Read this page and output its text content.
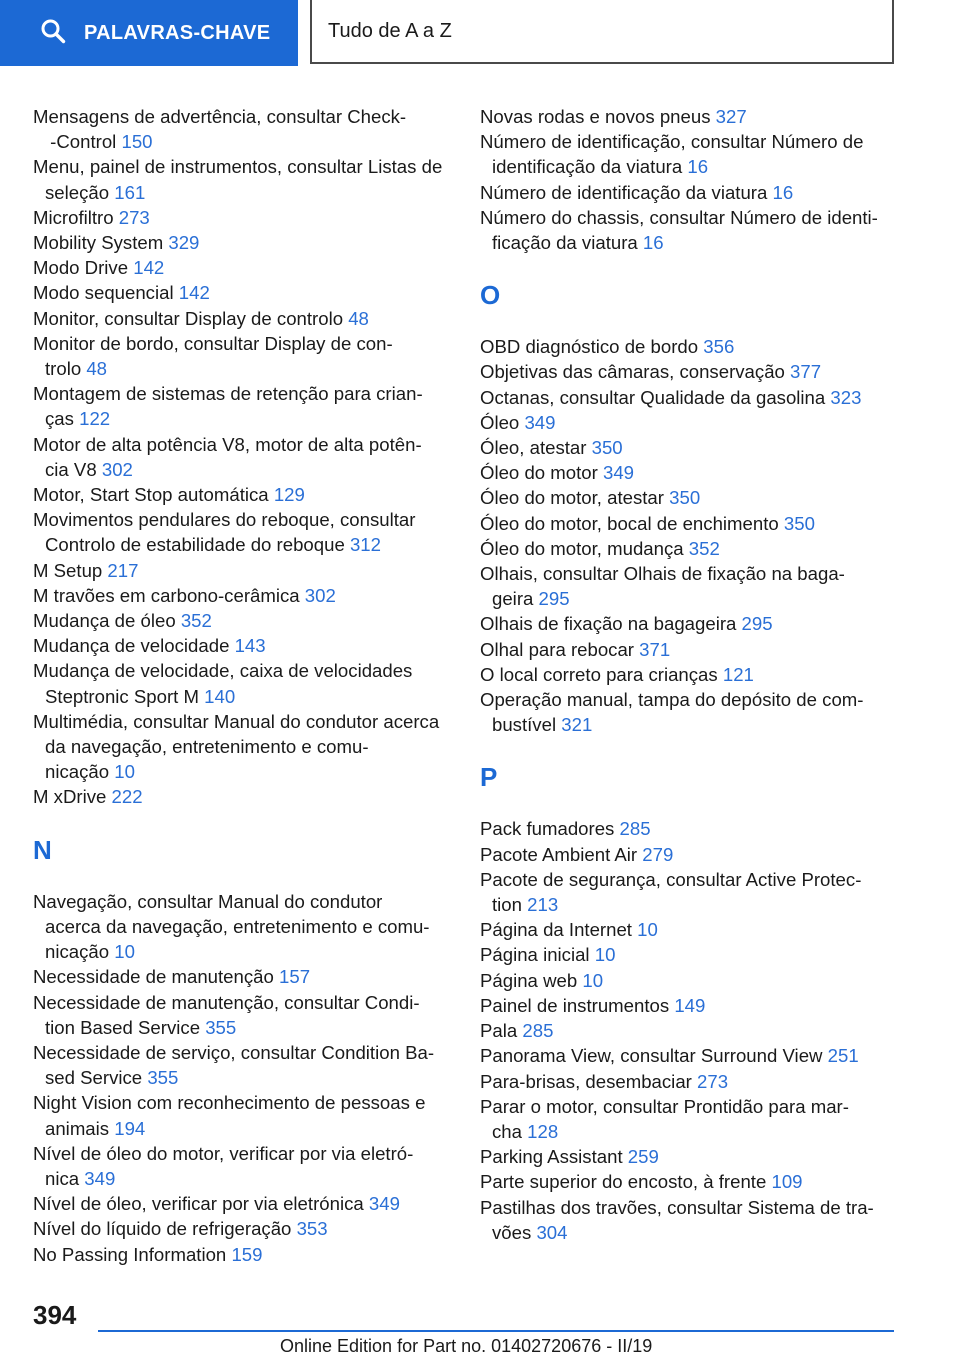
PALAVRAS-CHAVE	Tudo de A a Z
Mensagens de advertência, consultar Check- ‑Control 150
Menu, painel de instrumentos, consultar Listas de seleção 161
Microfiltro 273
Mobility System 329
Modo Drive 142
Modo sequencial 142
Monitor, consultar Display de controlo 48
Monitor de bordo, consultar Display de con‑ trolo 48
Montagem de sistemas de retenção para crian‑ ças 122
Motor de alta potência V8, motor de alta potên‑ cia V8 302
Motor, Start Stop automática 129
Movimentos pendulares do reboque, consultar Controlo de estabilidade do reboque 312
M Setup 217
M travões em carbono-cerâmica 302
Mudança de óleo 352
Mudança de velocidade 143
Mudança de velocidade, caixa de velocidades Steptronic Sport M 140
Multimédia, consultar Manual do condutor acerca da navegação, entretenimento e comu‑ nicação 10
M xDrive 222
N
Navegação, consultar Manual do condutor acerca da navegação, entretenimento e comu‑ nicação 10
Necessidade de manutenção 157
Necessidade de manutenção, consultar Condi‑ tion Based Service 355
Necessidade de serviço, consultar Condition Ba‑ sed Service 355
Night Vision com reconhecimento de pessoas e animais 194
Nível de óleo do motor, verificar por via eletró‑ nica 349
Nível de óleo, verificar por via eletrónica 349
Nível do líquido de refrigeração 353
No Passing Information 159
Novas rodas e novos pneus 327
Número de identificação, consultar Número de identificação da viatura 16
Número de identificação da viatura 16
Número do chassis, consultar Número de identi‑ ficação da viatura 16
O
OBD diagnóstico de bordo 356
Objetivas das câmaras, conservação 377
Octanas, consultar Qualidade da gasolina 323
Óleo 349
Óleo, atestar 350
Óleo do motor 349
Óleo do motor, atestar 350
Óleo do motor, bocal de enchimento 350
Óleo do motor, mudança 352
Olhais, consultar Olhais de fixação na baga‑ geira 295
Olhais de fixação na bagageira 295
Olhal para rebocar 371
O local correto para crianças 121
Operação manual, tampa do depósito de com‑ bustível 321
P
Pack fumadores 285
Pacote Ambient Air 279
Pacote de segurança, consultar Active Protec‑ tion 213
Página da Internet 10
Página inicial 10
Página web 10
Painel de instrumentos 149
Pala 285
Panorama View, consultar Surround View 251
Para-brisas, desembaciar 273
Parar o motor, consultar Prontidão para mar‑ cha 128
Parking Assistant 259
Parte superior do encosto, à frente 109
Pastilhas dos travões, consultar Sistema de tra‑ vões 304
394
Online Edition for Part no. 01402720676 - II/19
